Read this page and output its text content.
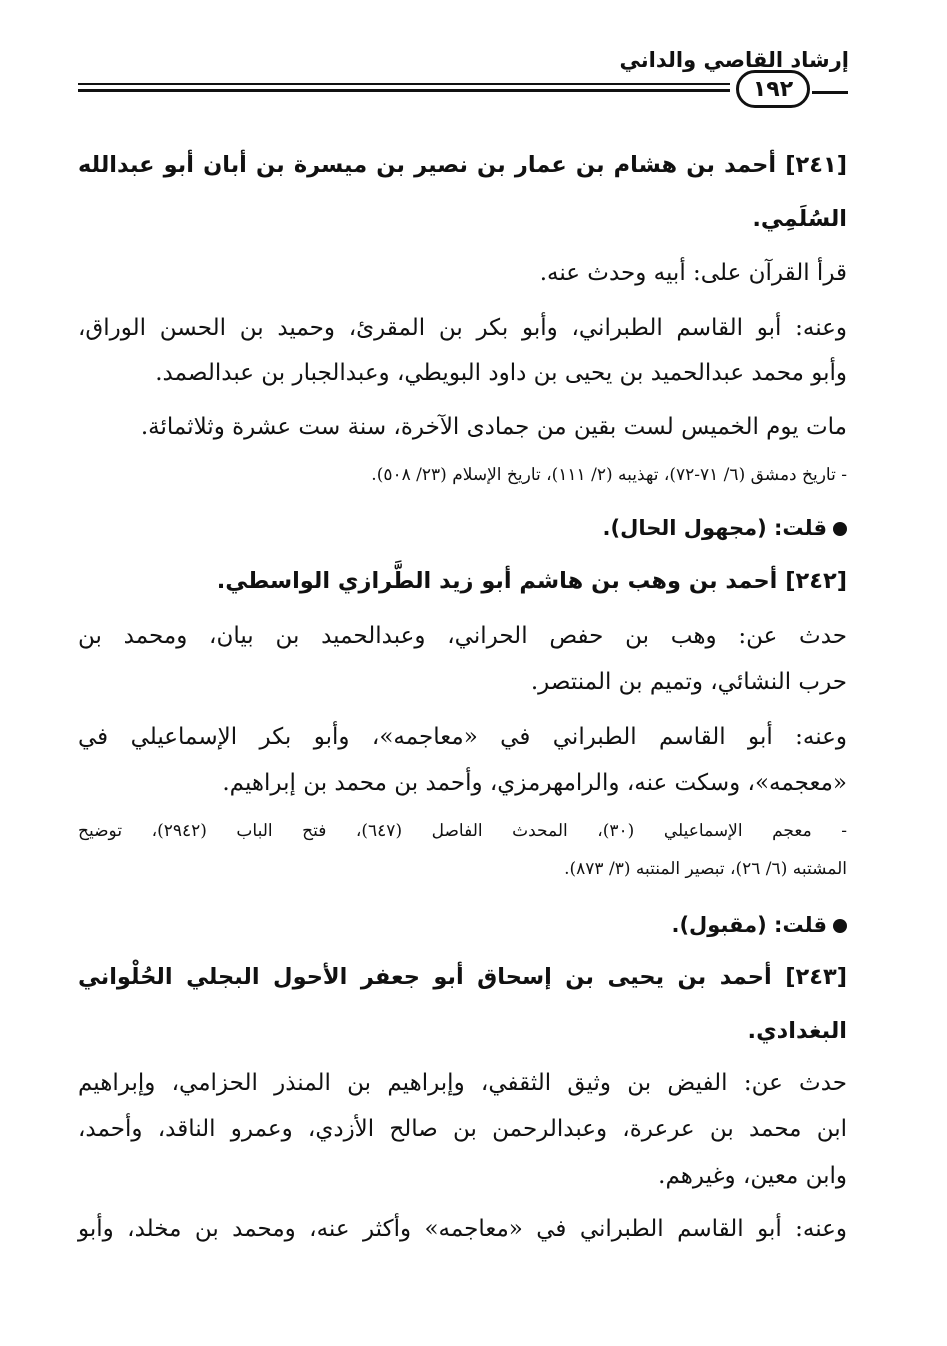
إرشاد القاصي والداني
١٩٢
[٢٤١] أحمد بن هشام بن عمار بن نصير بن ميسرة بن أبان أبو عبدالله
السُلَمِي.
قرأ القرآن على: أبيه وحدث عنه.
وعنه: أبو القاسم الطبراني، وأبو بكر بن المقرئ، وحميد بن الحسن الوراق،
وأبو محمد عبدالحميد بن يحيى بن داود البويطي، وعبدالجبار بن عبدالصمد.
مات يوم الخميس لست بقين من جمادى الآخرة، سنة ست عشرة وثلاثمائة.
- تاريخ دمشق (٦/ ٧١-٧٢)، تهذيبه (٢/ ١١١)، تاريخ الإسلام (٢٣/ ٥٠٨).
قلت: (مجهول الحال).
[٢٤٢] أحمد بن وهب بن هاشم أبو زيد الطَّرازي الواسطي.
حدث عن: وهب بن حفص الحراني، وعبدالحميد بن بيان، ومحمد بن
حرب النشائي، وتميم بن المنتصر.
وعنه: أبو القاسم الطبراني في «معاجمه»، وأبو بكر الإسماعيلي في
«معجمه»، وسكت عنه، والرامهرمزي، وأحمد بن محمد بن إبراهيم.
- معجم الإسماعيلي (٣٠)، المحدث الفاصل (٦٤٧)، فتح الباب (٢٩٤٢)، توضيح
المشتبه (٦/ ٢٦)، تبصير المنتبه (٣/ ٨٧٣).
قلت: (مقبول).
[٢٤٣] أحمد بن يحيى بن إسحاق أبو جعفر الأحول البجلي الحُلْواني
البغدادي.
حدث عن: الفيض بن وثيق الثقفي، وإبراهيم بن المنذر الحزامي، وإبراهيم
ابن محمد بن عرعرة، وعبدالرحمن بن صالح الأزدي، وعمرو الناقد، وأحمد،
وابن معين، وغيرهم.
وعنه: أبو القاسم الطبراني في «معاجمه» وأكثر عنه، ومحمد بن مخلد، وأبو
